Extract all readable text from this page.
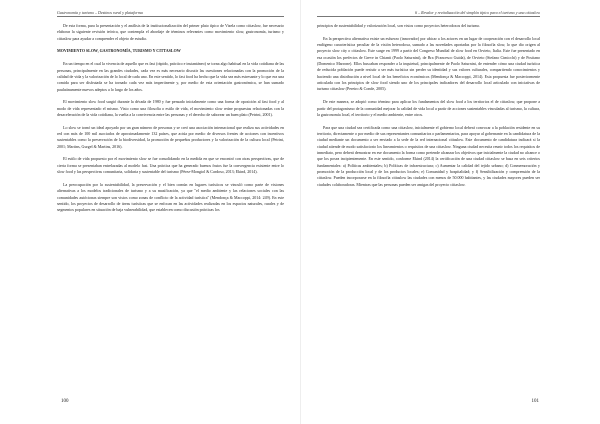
Gastronomía y turismo – Destinos rural y plataforma

De esta forma, para la presentación y el análisis de la institucionalización del primer plato típico de Vizela como cittaslow, fue necesario elaborar la siguiente revisión teórica, que contempla el abordaje de términos relevantes como movimiento slow, gastronomía, turismo y cittaslow para ayudar a comprender el objeto de estudio.

MOVIMIENTO SLOW, GASTRONOMÍA, TURISMO Y CITTASLOW

En un tiempo en el cual la vivencia de aquello que es fast (rápido, práctico e instantáneo) se torna algo habitual en la vida cotidiana de las personas, principalmente en las grandes ciudades, cada vez es más necesario discutir las cuestiones relacionadas con la promoción de la calidad de vida y la valorización de lo local de cada uno. En este sentido, lo fast food ha hecho que la vida sea más estresante y lo que era una comida para ser disfrutada se ha tornado cada vez más impertinente y, por medio de esta orientación gastronómica, se han sumado paulatinamente nuevos adeptos a lo largo de los años.

El movimiento slow food surgió durante la década de 1980 y fue pensado inicialmente como una forma de oposición al fast food y al modo de vida representado el mismo. Visto como una filosofía o estilo de vida, el movimiento slow reúne propuestas relacionadas con la desaceleración de la vida cotidiana, la vuelta a la convivencia entre las personas y el derecho de saborear un buen plato (Petrini, 2001).

Lo slow se tornó un ideal apoyado por un gran número de personas y se creó una asociación internacional que realiza sus actividades en red con más de 100 mil asociados de aproximadamente 132 países, que actúa por medio de diversos frentes de acciones con incentivos sustentables como la preservación de la biodiversidad, la promoción de pequeños productores y la valorización de la cultura local (Petrini, 2001; Martins, Gurgel & Martins, 2016).

El estilo de vida propuesto por el movimiento slow se fue consolidando en la medida en que se encontró con otras perspectivas, que de cierta forma se presentaban entrelazadas al modelo fast. Una práctica que ha generado buenos frutos fue la convergencia existente entre lo slow food y las perspectivas comunitaria, solidaria y sustentable del turismo (Pérez-Mongiol & Cardoso, 2013; Ekind, 2014).

La preocupación por la sustentabilidad, la preservación y el bien común en lugares turísticos se vinculó como parte de visiones alternativas a los modelos tradicionales de turismo y a su masificación, ya que "el medio ambiente y las relaciones sociales con las comunidades autóctonas siempre son vistos como zonas de conflicto de la actividad turística" (Mendonça & Maccoppi, 2014: 249). En este sentido, los proyectos de desarrollo de áreas turísticas que se enfocan en las actividades realizadas en los espacios naturales, rurales y de segmentos populares en situación de baja vulnerabilidad, que establecen como discusión prácticas los

100
6 – Revalor y revitalización del simplón típico para el turismo y una cittaslow

principios de sustentabilidad y valorización local, son vistos como proyectos heterodoxos del turismo.

En la perspectiva alternativa existe un esfuerzo (innovador) por ubicar a los actores en un lugar de cooperación con el desarrollo local endógeno característica peculiar de la visión heterodoxa, sumado a las novedades aportadas por la filosofía slow, lo que dio origen al proyecto slow city o cittaslow. Este surge en 1999 a partir del Congreso Mundial de slow food en Orvieto, Italia. Este fue presentado en esa ocasión los prefectos de Greve in Chianti (Paolo Saturnini), de Bra (Francesco Guida), de Orvieto (Stefano Cimicchi) y de Positano (Domenico Marrone). Ellos buscaban responder a la inquietud, principalmente de Paolo Saturnini, de entender cómo una ciudad turística de reducida población puede resistir a ser más turística sin perder su identidad y sus valores culturales, compartiendo conocimientos y haciendo una distribución a nivel local de los beneficios económicos (Mendonça & Maccoppi, 2014). Esta propuesta fue posteriormente articulada con los principios de slow food siendo uno de los principales indicadores del desarrollo local articulado con iniciativas de turismo cittaslow (Pereiro & Conde, 2005).

De este manera, se adoptó como término para aplicar los fundamentos del slow food a los territorios el de cittaslow, que propone a partir del protagonismo de la comunidad mejorar la calidad de vida local a partir de acciones sustentables vinculadas al turismo, la cultura, la gastronomía local, el territorio y el medio ambiente, entre otros.

Para que una ciudad sea certificada como una cittaslow, inicialmente el gobierno local deberá convocar a la población residente en su territorio, directamente o por medio de sus representantes comunitarios o parlamentarios, para apoyar al gobernante en la candidatura de la ciudad mediante un documento a ser enviado a la sede de la red internacional cittaslow. Este documento de candidatura indicará si la ciudad atiende de modo satisfactorio los lineamientos o requisitos de una cittaslow. Ninguna ciudad necesita reunir todos los requisitos de inmediato, pero deberá demostrar en ese documento la forma como pretende alcanzar los objetivos que inicialmente la ciudad no alcance o que los posea incipientemente. En este sentido, conforme Ekind (2014) la certificación de una ciudad cittaslow se basa en seis criterios fundamentales: a) Políticas ambientales; b) Políticas de infraestructura; c) Aumentar la calidad del tejido urbano; d) Conmemoración y promoción de la producción local y de los productos locales; e) Comunidad y hospitalidad; y f) Sensibilización y comprensión de la cittaslow. Pueden incorporarse en la filosofía cittaslow las ciudades con menos de 50.000 habitantes, y las ciudades mayores pueden ser ciudades colaboradoras. Mientras que las personas pueden ser amigas del proyecto cittaslow.

101
